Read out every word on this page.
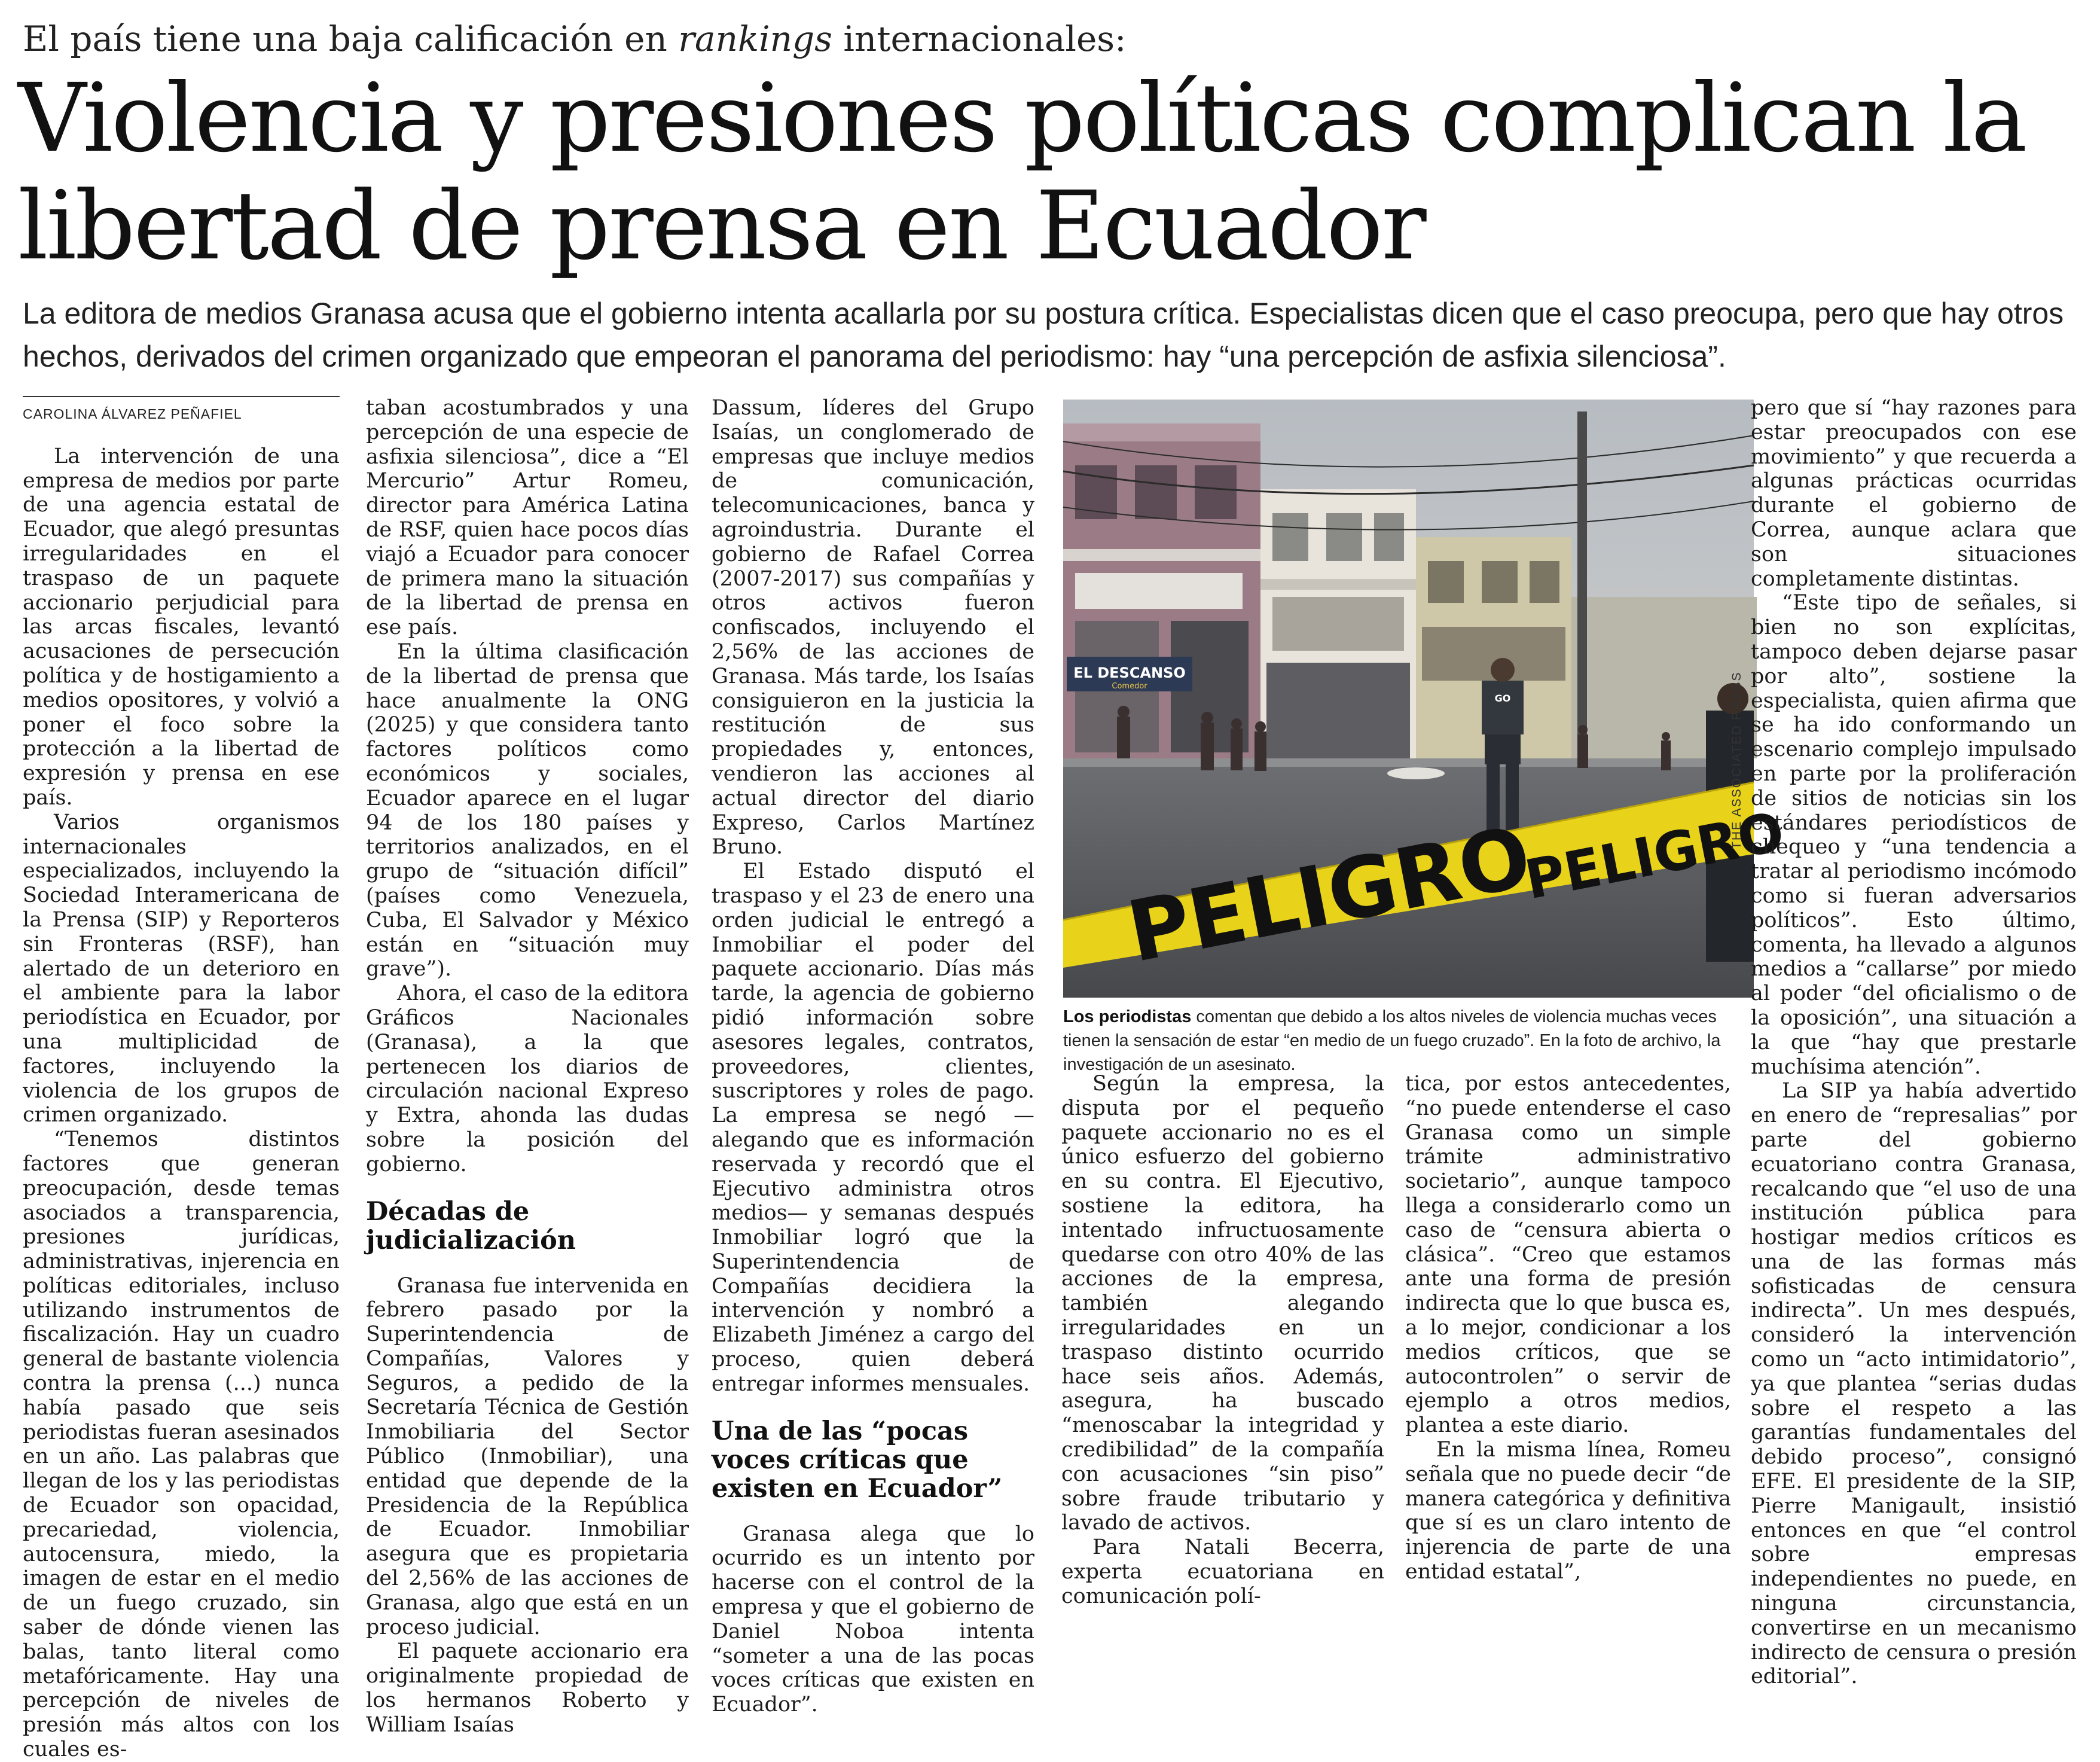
El país tiene una baja calificación en rankings internacionales:
Violencia y presiones políticas complican la libertad de prensa en Ecuador
La editora de medios Granasa acusa que el gobierno intenta acallarla por su postura crítica. Especialistas dicen que el caso preocupa, pero que hay otros hechos, derivados del crimen organizado que empeoran el panorama del periodismo: hay “una percepción de asfixia silenciosa”.
CAROLINA ÁLVAREZ PEÑAFIEL

La intervención de una empresa de medios por parte de una agencia estatal de Ecuador, que alegó presuntas irregularidades en el traspaso de un paquete accionario perjudicial para las arcas fiscales, levantó acusaciones de persecución política y de hostigamiento a medios opositores, y volvió a poner el foco sobre la protección a la libertad de expresión y prensa en ese país.

Varios organismos internacionales especializados, incluyendo la Sociedad Interamericana de la Prensa (SIP) y Reporteros sin Fronteras (RSF), han alertado de un deterioro en el ambiente para la labor periodística en Ecuador, por una multiplicidad de factores, incluyendo la violencia de los grupos de crimen organizado.

“Tenemos distintos factores que generan preocupación, desde temas asociados a transparencia, presiones jurídicas, administrativas, injerencia en políticas editoriales, incluso utilizando instrumentos de fiscalización. Hay un cuadro general de bastante violencia contra la prensa (...) nunca había pasado que seis periodistas fueran asesinados en un año. Las palabras que llegan de los y las periodistas de Ecuador son opacidad, precariedad, violencia, autocensura, miedo, la imagen de estar en el medio de un fuego cruzado, sin saber de dónde vienen las balas, tanto literal como metafóricamente. Hay una percepción de niveles de presión más altos con los cuales es-

taban acostumbrados y una percepción de una especie de asfixia silenciosa”, dice a “El Mercurio” Artur Romeu, director para América Latina de RSF, quien hace pocos días viajó a Ecuador para conocer de primera mano la situación de la libertad de prensa en ese país.

En la última clasificación de la libertad de prensa que hace anualmente la ONG (2025) y que considera tanto factores políticos como económicos y sociales, Ecuador aparece en el lugar 94 de los 180 países y territorios analizados, en el grupo de “situación difícil” (países como Venezuela, Cuba, El Salvador y México están en “situación muy grave”).

Ahora, el caso de la editora Gráficos Nacionales (Granasa), a la que pertenecen los diarios de circulación nacional Expreso y Extra, ahonda las dudas sobre la posición del gobierno.

Décadas de judicialización

Granasa fue intervenida en febrero pasado por la Superintendencia de Compañías, Valores y Seguros, a pedido de la Secretaría Técnica de Gestión Inmobiliaria del Sector Público (Inmobiliar), una entidad que depende de la Presidencia de la República de Ecuador. Inmobiliar asegura que es propietaria del 2,56% de las acciones de Granasa, algo que está en un proceso judicial.

El paquete accionario era originalmente propiedad de los hermanos Roberto y William Isaías

Dassum, líderes del Grupo Isaías, un conglomerado de empresas que incluye medios de comunicación, telecomunicaciones, banca y agroindustria. Durante el gobierno de Rafael Correa (2007-2017) sus compañías y otros activos fueron confiscados, incluyendo el 2,56% de las acciones de Granasa. Más tarde, los Isaías consiguieron en la justicia la restitución de sus propiedades y, entonces, vendieron las acciones al actual director del diario Expreso, Carlos Martínez Bruno.

El Estado disputó el traspaso y el 23 de enero una orden judicial le entregó a Inmobiliar el poder del paquete accionario. Días más tarde, la agencia de gobierno pidió información sobre asesores legales, contratos, proveedores, clientes, suscriptores y roles de pago. La empresa se negó —alegando que es información reservada y recordó que el Ejecutivo administra otros medios— y semanas después Inmobiliar logró que la Superintendencia de Compañías decidiera la intervención y nombró a Elizabeth Jiménez a cargo del proceso, quien deberá entregar informes mensuales.

Una de las “pocas voces críticas que existen en Ecuador”

Granasa alega que lo ocurrido es un intento por hacerse con el control de la empresa y que el gobierno de Daniel Noboa intenta “someter a una de las pocas voces críticas que existen en Ecuador”.

EL DESCANSO
Comedor
GO
PELIGRO
PELIGRO
THE ASSOCIATED PRESS
Los periodistas comentan que debido a los altos niveles de violencia muchas veces tienen la sensación de estar “en medio de un fuego cruzado”. En la foto de archivo, la investigación de un asesinato.

Según la empresa, la disputa por el pequeño paquete accionario no es el único esfuerzo del gobierno en su contra. El Ejecutivo, sostiene la editora, ha intentado infructuosamente quedarse con otro 40% de las acciones de la empresa, también alegando irregularidades en un traspaso distinto ocurrido hace seis años. Además, asegura, ha buscado “menoscabar la integridad y credibilidad” de la compañía con acusaciones “sin piso” sobre fraude tributario y lavado de activos.

Para Natali Becerra, experta ecuatoriana en comunicación polí-

tica, por estos antecedentes, “no puede entenderse el caso Granasa como un simple trámite administrativo societario”, aunque tampoco llega a considerarlo como un caso de “censura abierta o clásica”. “Creo que estamos ante una forma de presión indirecta que lo que busca es, a lo mejor, condicionar a los medios críticos, que se autocontrolen” o servir de ejemplo a otros medios, plantea a este diario.

En la misma línea, Romeu señala que no puede decir “de manera categórica y definitiva que sí es un claro intento de injerencia de parte de una entidad estatal”,

pero que sí “hay razones para estar preocupados con ese movimiento” y que recuerda a algunas prácticas ocurridas durante el gobierno de Correa, aunque aclara que son situaciones completamente distintas.

“Este tipo de señales, si bien no son explícitas, tampoco deben dejarse pasar por alto”, sostiene la especialista, quien afirma que se ha ido conformando un escenario complejo impulsado en parte por la proliferación de sitios de noticias sin los estándares periodísticos de chequeo y “una tendencia a tratar al periodismo incómodo como si fueran adversarios políticos”. Esto último, comenta, ha llevado a algunos medios a “callarse” por miedo al poder “del oficialismo o de la oposición”, una situación a la que “hay que prestarle muchísima atención”.

La SIP ya había advertido en enero de “represalias” por parte del gobierno ecuatoriano contra Granasa, recalcando que “el uso de una institución pública para hostigar medios críticos es una de las formas más sofisticadas de censura indirecta”. Un mes después, consideró la intervención como un “acto intimidatorio”, ya que plantea “serias dudas sobre el respeto a las garantías fundamentales del debido proceso”, consignó EFE. El presidente de la SIP, Pierre Manigault, insistió entonces en que “el control sobre empresas independientes no puede, en ninguna circunstancia, convertirse en un mecanismo indirecto de censura o presión editorial”.
